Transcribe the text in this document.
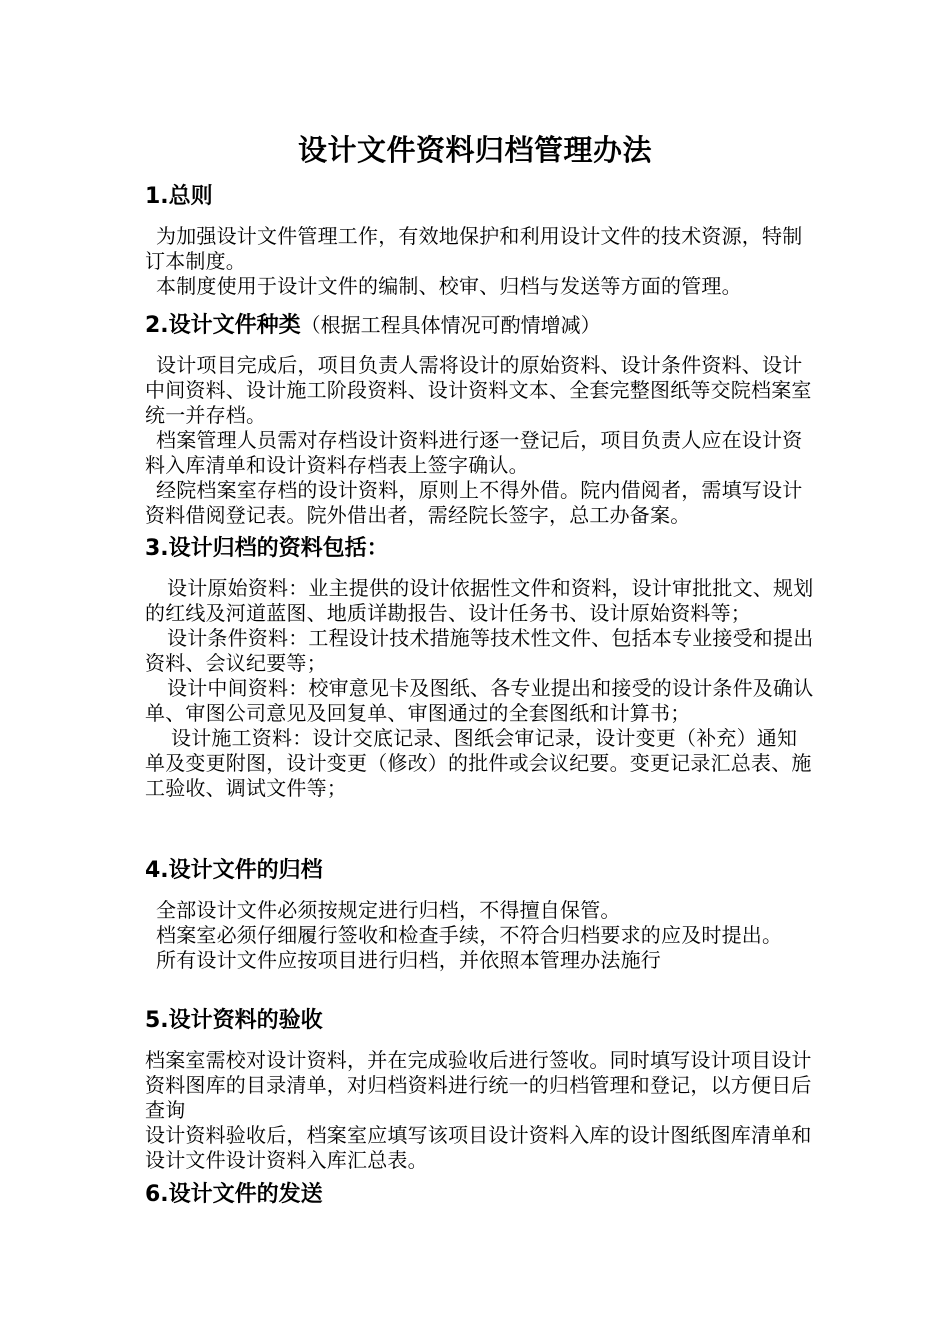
设计文件资料归档管理办法
1.总则

为加强设计文件管理工作，有效地保护和利用设计文件的技术资源，特制订本制度。

本制度使用于设计文件的编制、校审、归档与发送等方面的管理。

2.设计文件种类（根据工程具体情况可酌情增减）

设计项目完成后，项目负责人需将设计的原始资料、设计条件资料、设计中间资料、设计施工阶段资料、设计资料文本、全套完整图纸等交院档案室统一并存档。

档案管理人员需对存档设计资料进行逐一登记后，项目负责人应在设计资料入库清单和设计资料存档表上签字确认。

经院档案室存档的设计资料，原则上不得外借。院内借阅者，需填写设计资料借阅登记表。院外借出者，需经院长签字，总工办备案。

3.设计归档的资料包括：

设计原始资料：业主提供的设计依据性文件和资料，设计审批批文、规划的红线及河道蓝图、地质详勘报告、设计任务书、设计原始资料等；

设计条件资料：工程设计技术措施等技术性文件、包括本专业接受和提出资料、会议纪要等；

设计中间资料：校审意见卡及图纸、各专业提出和接受的设计条件及确认单、审图公司意见及回复单、审图通过的全套图纸和计算书；

设计施工资料：设计交底记录、图纸会审记录，设计变更（补充）通知单及变更附图，设计变更（修改）的批件或会议纪要。变更记录汇总表、施工验收、调试文件等；

4.设计文件的归档

全部设计文件必须按规定进行归档，不得擅自保管。

档案室必须仔细履行签收和检查手续，不符合归档要求的应及时提出。

所有设计文件应按项目进行归档，并依照本管理办法施行

5.设计资料的验收

档案室需校对设计资料，并在完成验收后进行签收。同时填写设计项目设计资料图库的目录清单，对归档资料进行统一的归档管理和登记，以方便日后查询

设计资料验收后，档案室应填写该项目设计资料入库的设计图纸图库清单和设计文件设计资料入库汇总表。

6.设计文件的发送
